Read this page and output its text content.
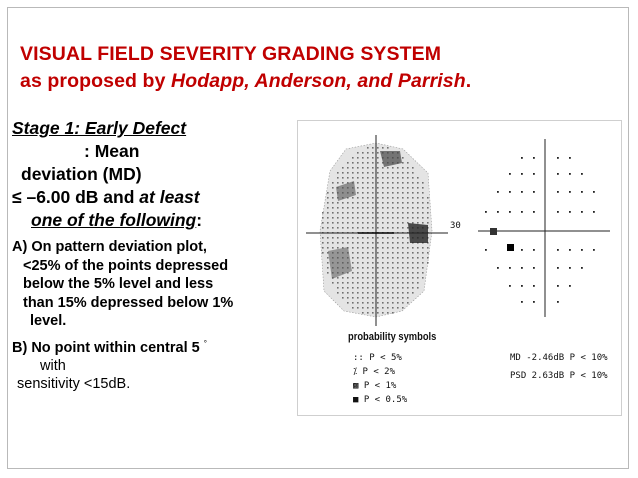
VISUAL FIELD SEVERITY GRADING SYSTEM
as proposed by Hodapp, Anderson, and Parrish.
Stage 1: Early Defect
: Mean
deviation (MD)
≤ –6.00 dB and at least
one of the following:
A) On pattern deviation plot,
<25% of the points depressed
below the 5% level and less
than 15% depressed below 1%
level.
B) No point within central 5 °
with
sensitivity <15dB.
30
probability symbols
:: P < 5%
⁒ P < 2%
▩ P < 1%
■ P < 0.5%
MD -2.46dB P < 10%
PSD 2.63dB P < 10%
